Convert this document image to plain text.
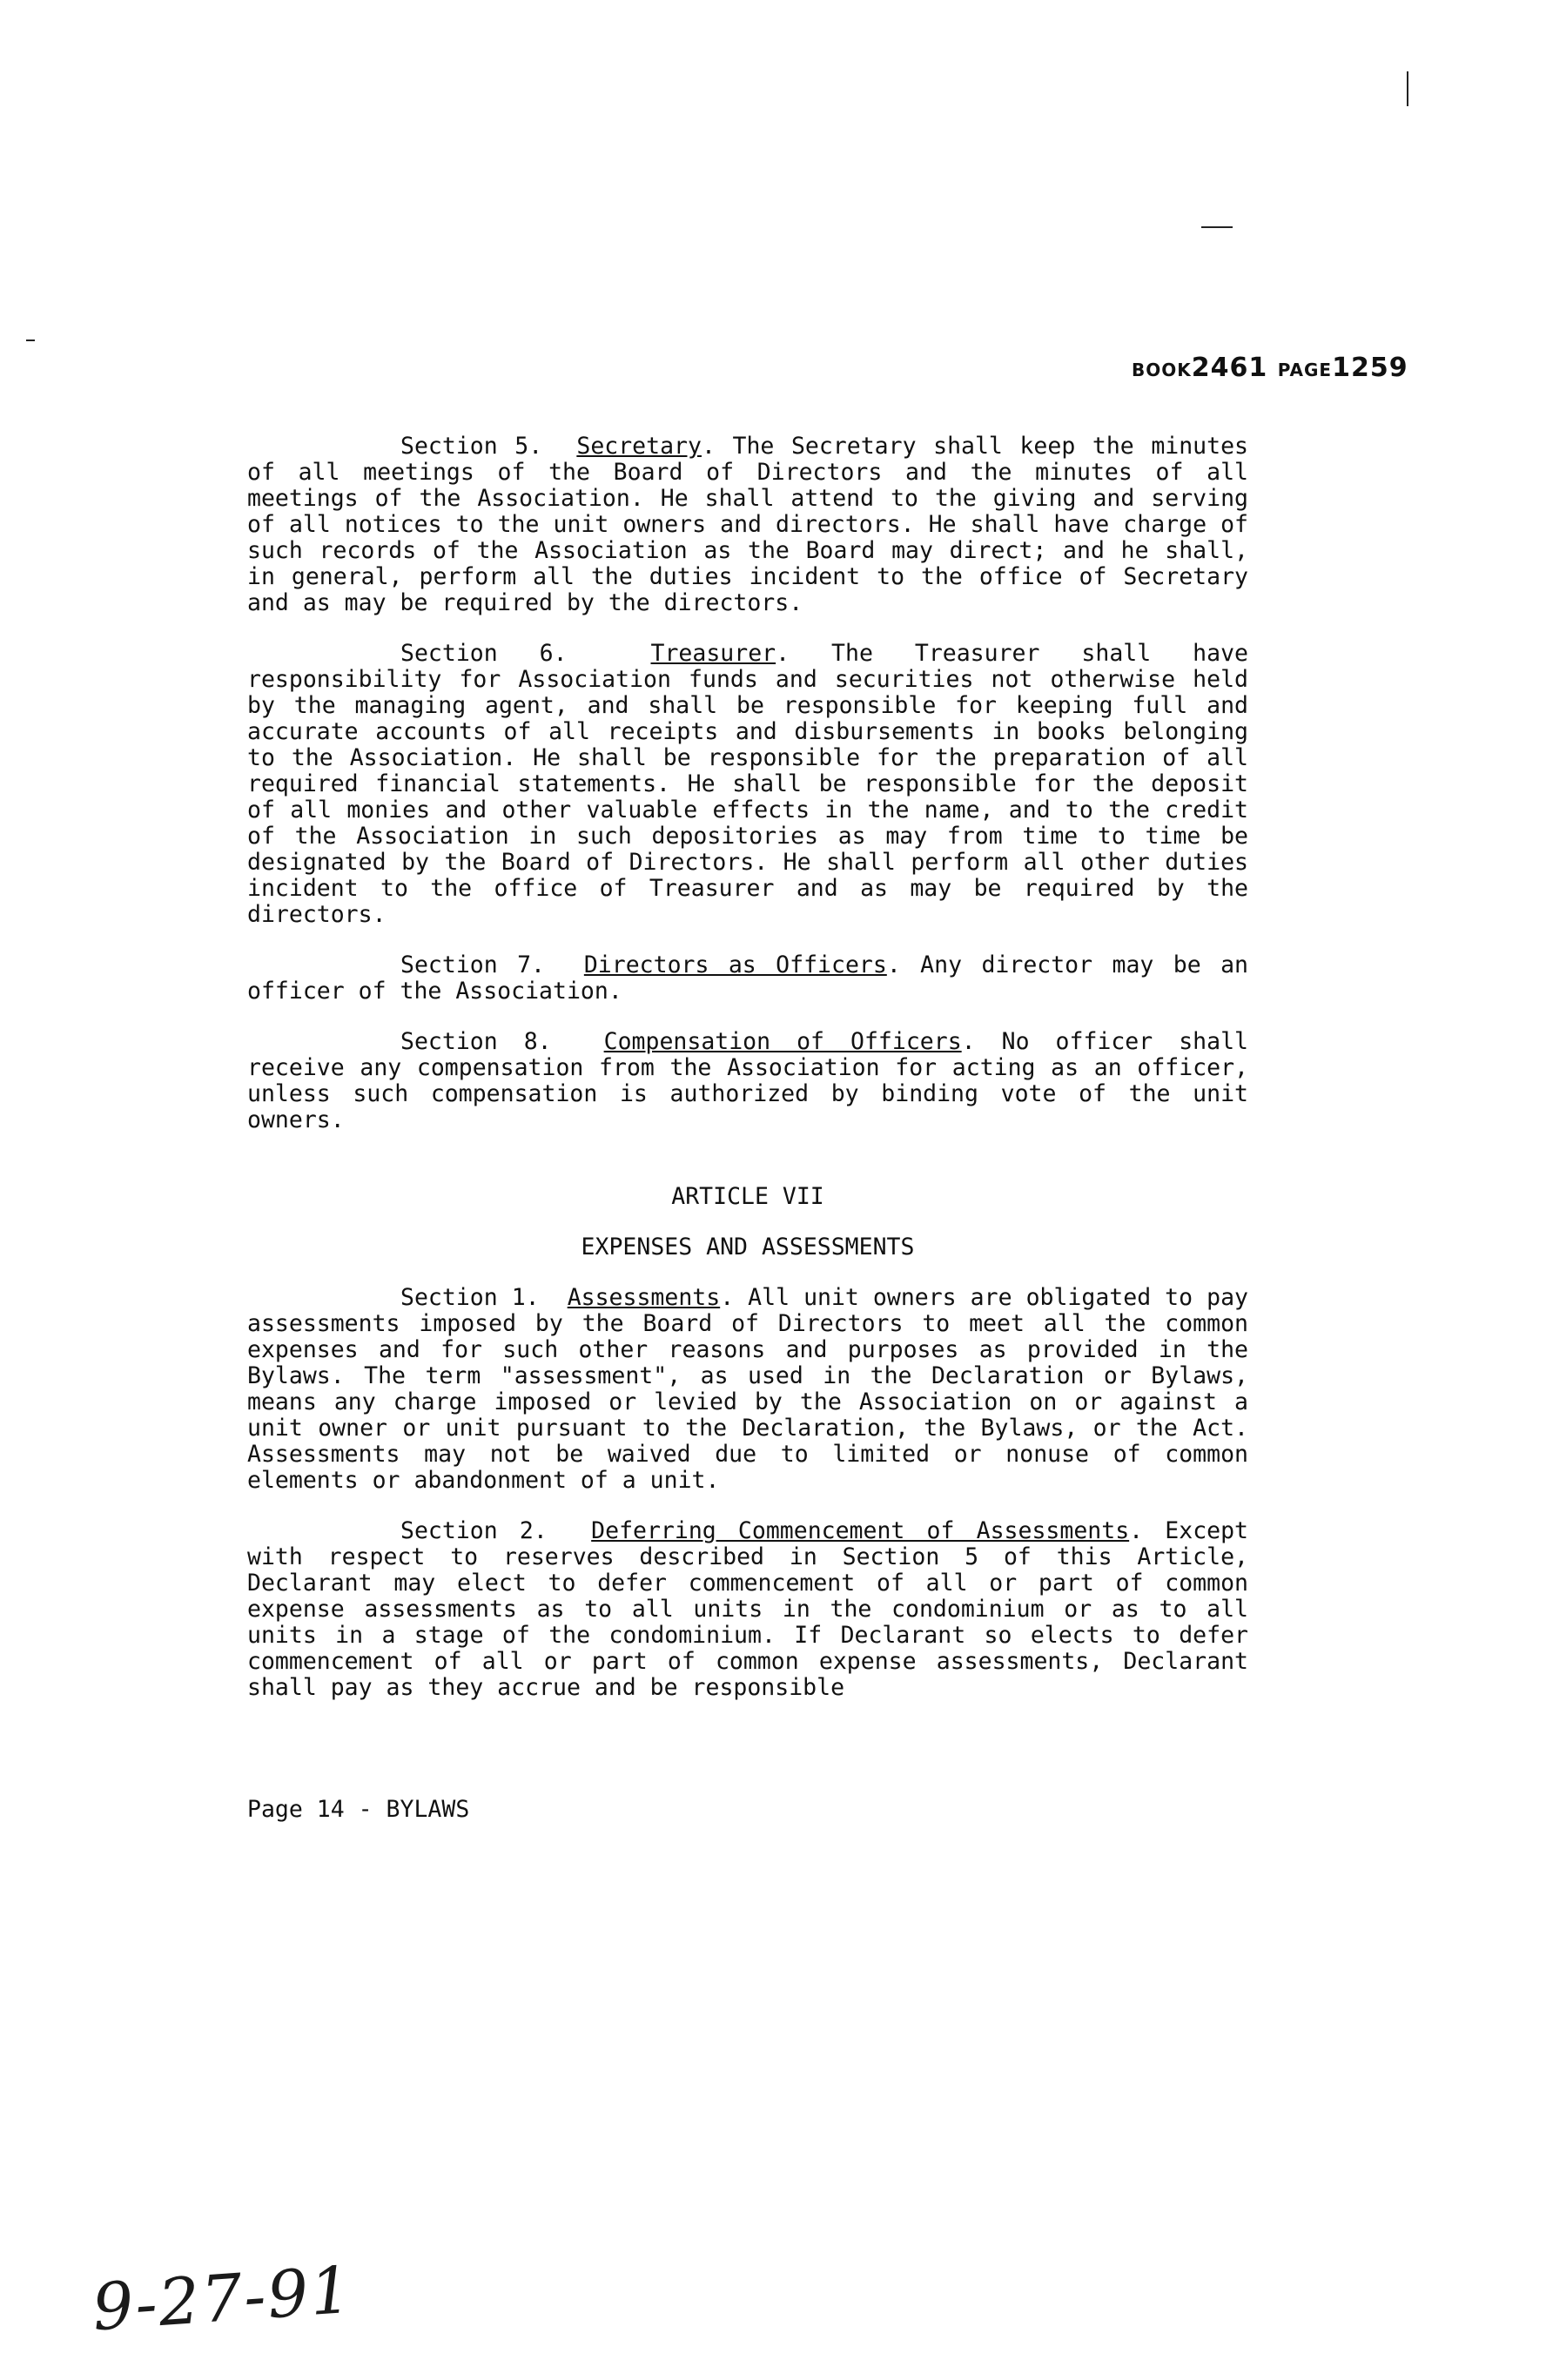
BOOK2461 PAGE1259

Section 5. Secretary. The Secretary shall keep the minutes of all meetings of the Board of Directors and the minutes of all meetings of the Association. He shall attend to the giving and serving of all notices to the unit owners and directors. He shall have charge of such records of the Association as the Board may direct; and he shall, in general, perform all the duties incident to the office of Secretary and as may be required by the directors.

Section 6.	Treasurer. The Treasurer shall have responsibility for Association funds and securities not otherwise held by the managing agent, and shall be responsible for keeping full and accurate accounts of all receipts and disbursements in books belonging to the Association. He shall be responsible for the preparation of all required financial statements. He shall be responsible for the deposit of all monies and other valuable effects in the name, and to the credit of the Association in such depositories as may from time to time be designated by the Board of Directors. He shall perform all other duties incident to the office of Treasurer and as may be required by the directors.

Section 7. Directors as Officers. Any director may be an officer of the Association.

Section 8. Compensation of Officers. No officer shall receive any compensation from the Association for acting as an officer, unless such compensation is authorized by binding vote of the unit owners.

ARTICLE VII

EXPENSES AND ASSESSMENTS

Section 1. Assessments. All unit owners are obligated to pay assessments imposed by the Board of Directors to meet all the common expenses and for such other reasons and purposes as provided in the Bylaws. The term "assessment", as used in the Declaration or Bylaws, means any charge imposed or levied by the Association on or against a unit owner or unit pursuant to the Declaration, the Bylaws, or the Act. Assessments may not be waived due to limited or nonuse of common elements or abandonment of a unit.

Section 2. Deferring Commencement of Assessments. Except with respect to reserves described in Section 5 of this Article, Declarant may elect to defer commencement of all or part of common expense assessments as to all units in the condominium or as to all units in a stage of the condominium. If Declarant so elects to defer commencement of all or part of common expense assessments, Declarant shall pay as they accrue and be responsible

Page 14 - BYLAWS
9-27-91
